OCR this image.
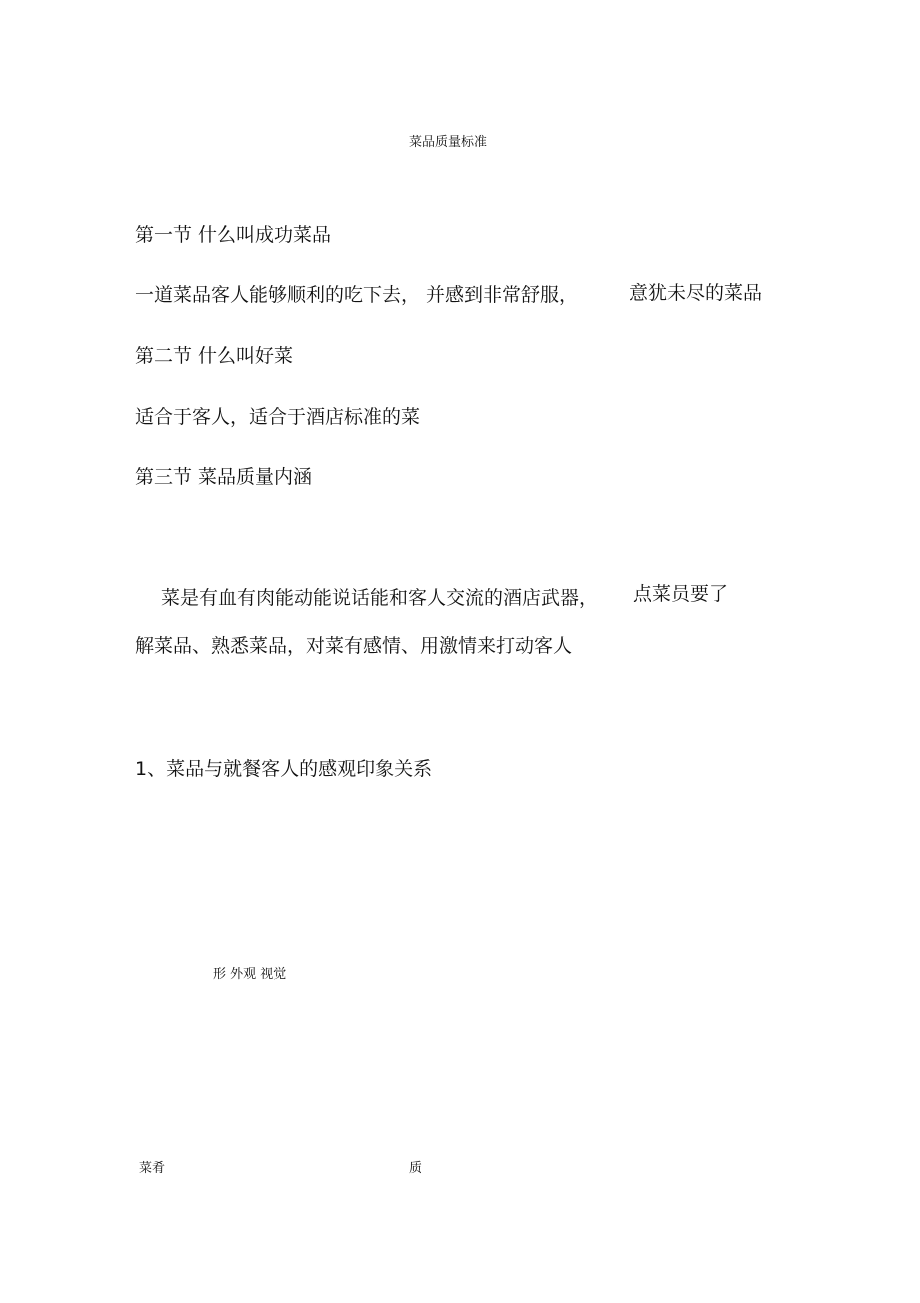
菜品质量标准
第一节 什么叫成功菜品
一道菜品客人能够顺利的吃下去， 并感到非常舒服，	意犹未尽的菜品
第二节 什么叫好菜
适合于客人，适合于酒店标准的菜
第三节 菜品质量内涵
菜是有血有肉能动能说话能和客人交流的酒店武器， 点菜员要了
解菜品、熟悉菜品，对菜有感情、用激情来打动客人
1、菜品与就餐客人的感观印象关系
形 外观 视觉
菜肴	质
